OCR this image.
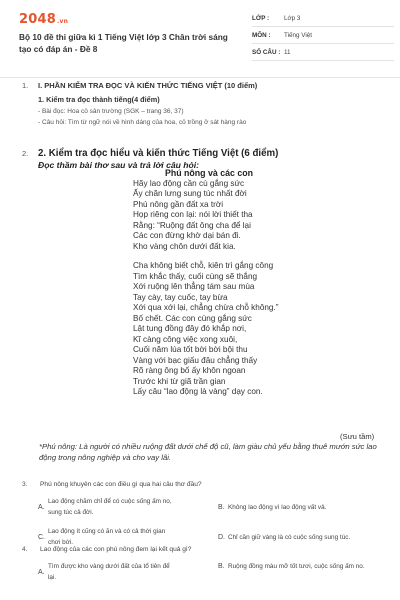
2048.vn
Bộ 10 đề thi giữa kì 1 Tiếng Việt lớp 3 Chân trời sáng tạo có đáp án - Đề 8
LỚP :	Lớp 3
MÔN :	Tiếng Việt
SỐ CÂU : 11
1.	I. PHẦN KIỂM TRA ĐỌC VÀ KIẾN THỨC TIẾNG VIỆT (10 điểm)
1. Kiểm tra đọc thành tiếng(4 điểm)
- Bài đọc: Hoa cỏ sân trường (SGK – trang 36, 37)
- Câu hỏi: Tìm từ ngữ nói về hình dáng của hoa, cỏ trồng ở sát hàng rào
2.	2. Kiểm tra đọc hiểu và kiến thức Tiếng Việt (6 điểm)
Đọc thầm bài thơ sau và trả lời câu hỏi:
Phú nông và các con
Hãy lao động cần cù gắng sức
Ấy chăn lưng sung túc nhất đời
Phú nông gần đất xa trời
Họp riêng con lại: nói lời thiết tha
Rằng: “Ruộng đất ông cha để lại
Các con đừng khờ dại bán đi.
Kho vàng chôn dưới đất kia.
Cha không biết chỗ, kiên trì gắng công
Tìm khắc thấy, cuối cùng sẽ thắng
Xới ruộng lên thẳng tám sau mùa
Tay cày, tay cuốc, tay bừa
Xới qua xới lại, chẳng chừa chỗ không.”
Bố chết. Các con cùng gắng sức
Lật tung đồng đây đó khắp nơi,
Kĩ càng công việc xong xuôi,
Cuối năm lúa tốt bời bời bội thu
Vàng với bạc giấu đâu chẳng thấy
Rõ ràng ông bố ấy khôn ngoan
Trước khi từ giã trần gian
Lấy câu “lao động là vàng” dạy con.
(Sưu tầm)
*Phú nông: Là người có nhiều ruộng đất dưới chế độ cũ, làm giàu chủ yếu bằng thuê mướn sức lao động trong nông nghiệp và cho vay lãi.
3.	Phú nông khuyên các con điều gì qua hai câu thơ đầu?
A.
Lao động chăm chỉ để có cuộc sống ấm no, sung túc cả đời.
B. Không lao động vì lao động vất vả.
C.
Lao động ít cũng có ăn và có cả thời gian chơi bời.
D. Chỉ cần giữ vàng là có cuộc sống sung túc.
4.	Lao động của các con phú nông đem lại kết quả gì?
A.
Tìm được kho vàng dưới đất của tổ tiên để lại.
B. Ruộng đồng màu mỡ tốt tươi, cuộc sống ấm no.
